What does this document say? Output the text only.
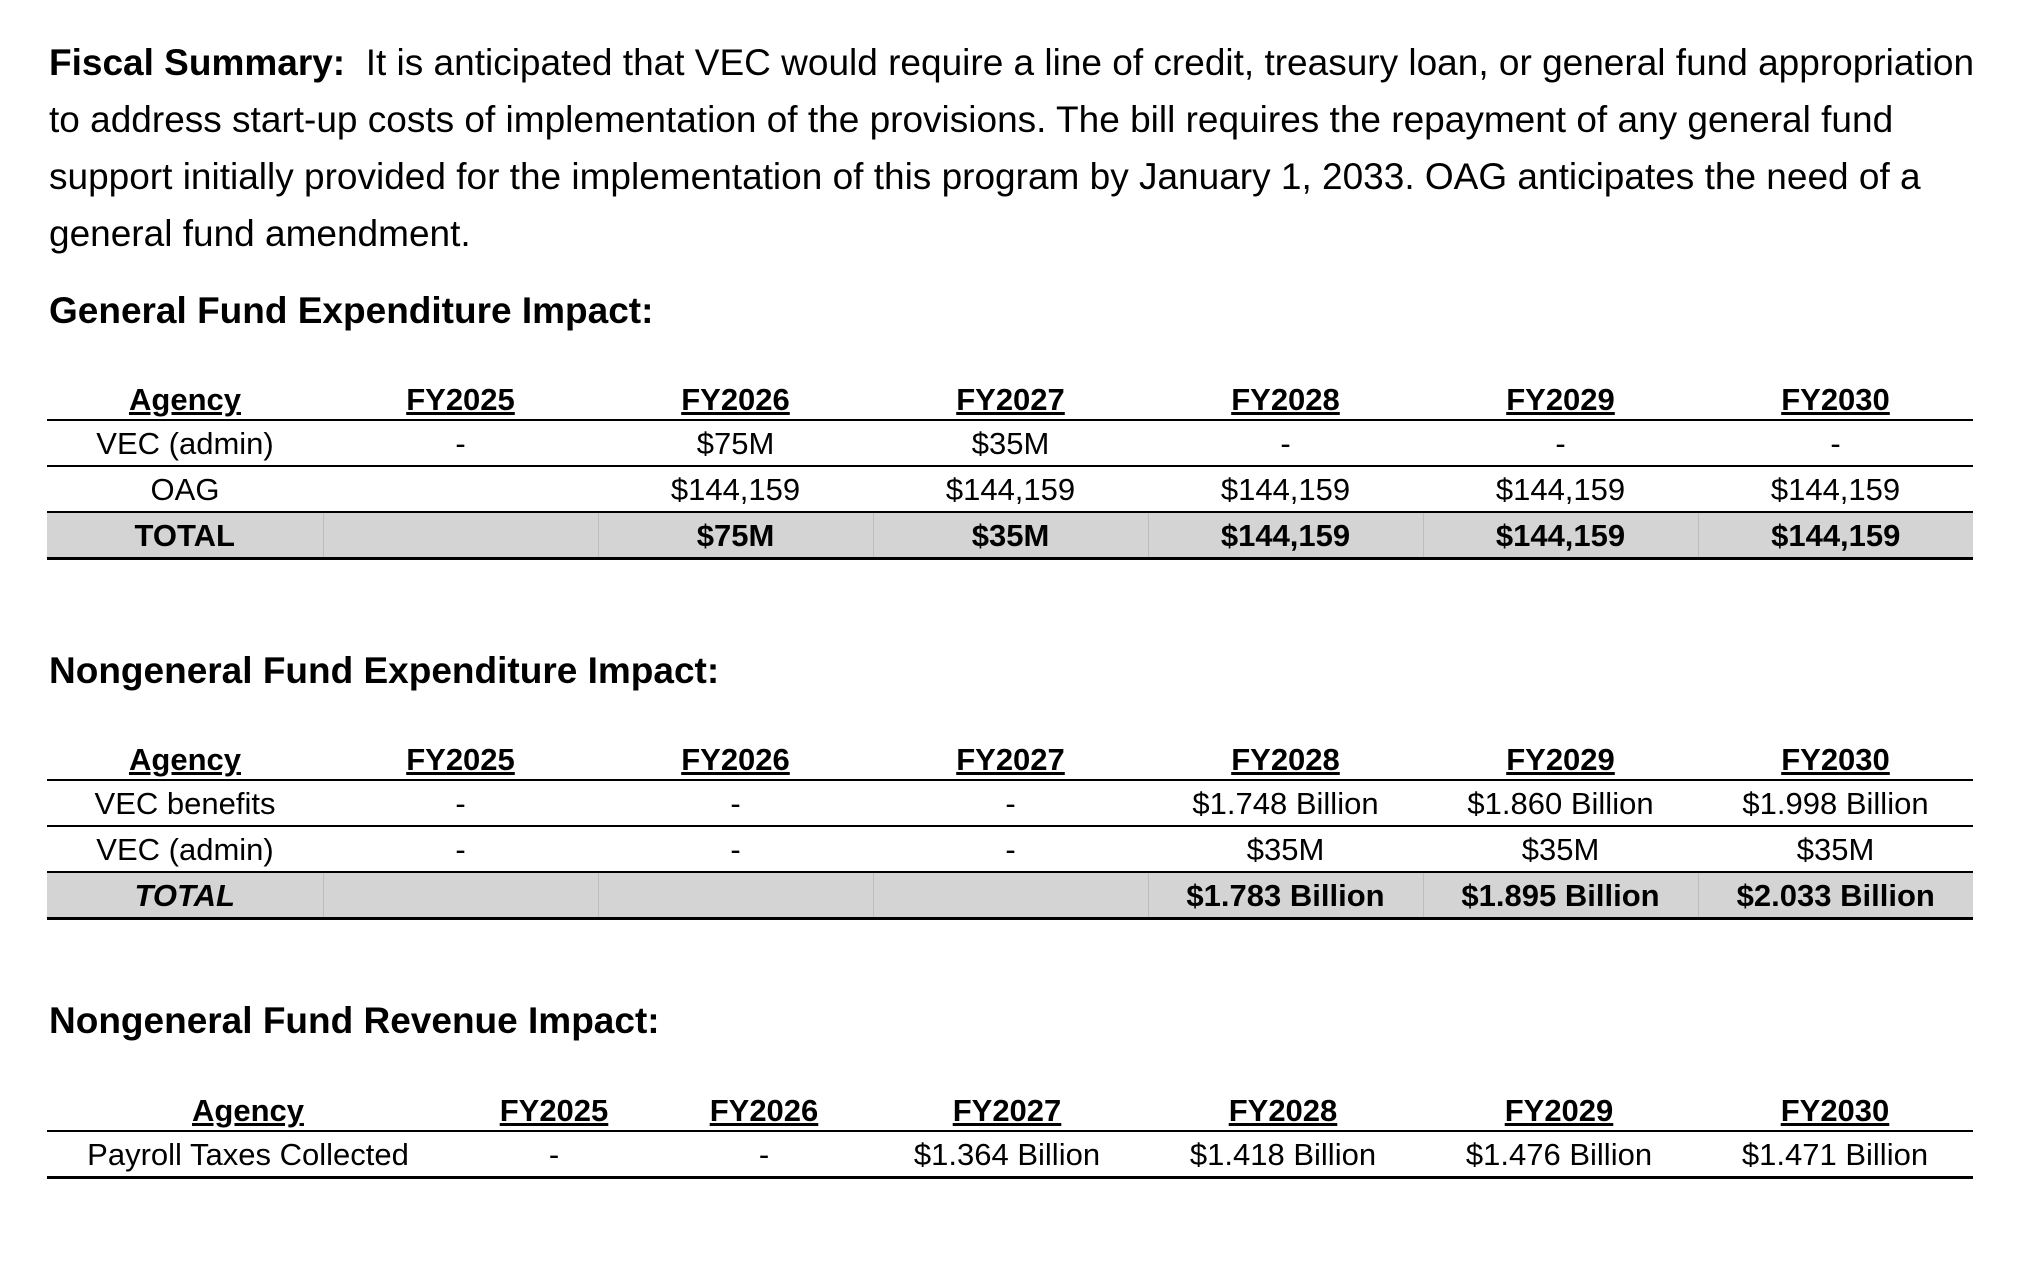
Fiscal Summary: It is anticipated that VEC would require a line of credit, treasury loan, or general fund appropriation to address start-up costs of implementation of the provisions. The bill requires the repayment of any general fund support initially provided for the implementation of this program by January 1, 2033. OAG anticipates the need of a general fund amendment.
General Fund Expenditure Impact:
Agency	FY2025	FY2026	FY2027	FY2028	FY2029	FY2030
VEC (admin)	-	$75M	$35M	-	-	-
OAG		$144,159	$144,159	$144,159	$144,159	$144,159
TOTAL		$75M	$35M	$144,159	$144,159	$144,159
Nongeneral Fund Expenditure Impact:
Agency	FY2025	FY2026	FY2027	FY2028	FY2029	FY2030
VEC benefits	-	-	-	$1.748 Billion	$1.860 Billion	$1.998 Billion
VEC (admin)	-	-	-	$35M	$35M	$35M
TOTAL				$1.783 Billion	$1.895 Billion	$2.033 Billion
Nongeneral Fund Revenue Impact:
Agency	FY2025	FY2026	FY2027	FY2028	FY2029	FY2030
Payroll Taxes Collected	-	-	$1.364 Billion	$1.418 Billion	$1.476 Billion	$1.471 Billion
